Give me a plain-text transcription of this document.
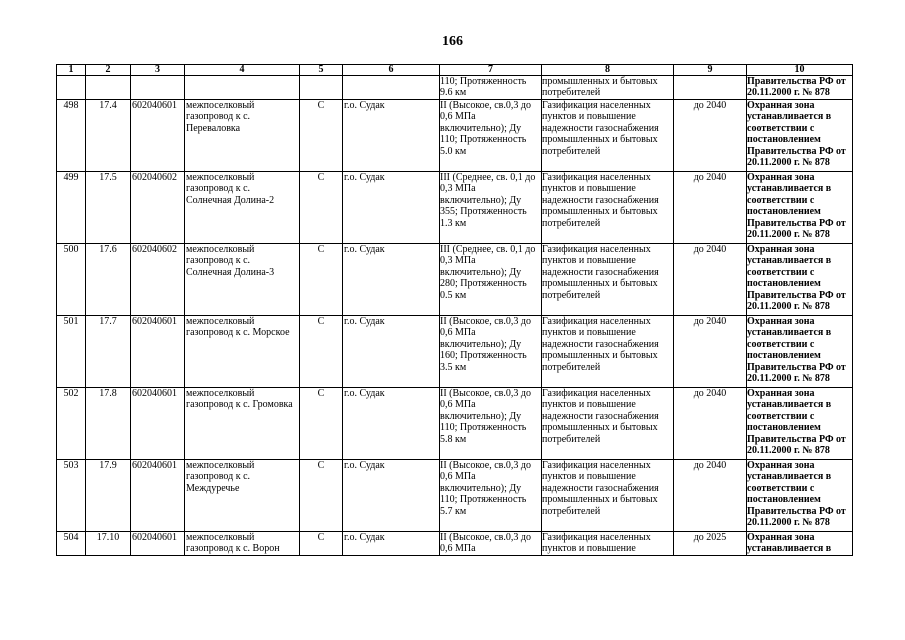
166
1	2	3	4	5	6	7	8	9	10
						110; Протяженность 9.6 км	промышленных и бытовых потребителей		Правительства РФ от 20.11.2000 г. № 878
498	17.4	602040601	межпоселковый газопровод к с. Переваловка	С	г.о. Судак	II (Высокое, св.0,3 до 0,6 МПа включительно); Ду 110; Протяженность 5.0 км	Газификация населенных пунктов и повышение надежности газоснабжения промышленных и бытовых потребителей	до 2040	Охранная зона устанавливается в соответствии с постановлением Правительства РФ от 20.11.2000 г. № 878
499	17.5	602040602	межпоселковый газопровод к с. Солнечная Долина-2	С	г.о. Судак	III (Среднее, св. 0,1 до 0,3 МПа включительно); Ду 355; Протяженность 1.3 км	Газификация населенных пунктов и повышение надежности газоснабжения промышленных и бытовых потребителей	до 2040	Охранная зона устанавливается в соответствии с постановлением Правительства РФ от 20.11.2000 г. № 878
500	17.6	602040602	межпоселковый газопровод к с. Солнечная Долина-3	С	г.о. Судак	III (Среднее, св. 0,1 до 0,3 МПа включительно); Ду 280; Протяженность 0.5 км	Газификация населенных пунктов и повышение надежности газоснабжения промышленных и бытовых потребителей	до 2040	Охранная зона устанавливается в соответствии с постановлением Правительства РФ от 20.11.2000 г. № 878
501	17.7	602040601	межпоселковый газопровод к с. Морское	С	г.о. Судак	II (Высокое, св.0,3 до 0,6 МПа включительно); Ду 160; Протяженность 3.5 км	Газификация населенных пунктов и повышение надежности газоснабжения промышленных и бытовых потребителей	до 2040	Охранная зона устанавливается в соответствии с постановлением Правительства РФ от 20.11.2000 г. № 878
502	17.8	602040601	межпоселковый газопровод к с. Громовка	С	г.о. Судак	II (Высокое, св.0,3 до 0,6 МПа включительно); Ду 110; Протяженность 5.8 км	Газификация населенных пунктов и повышение надежности газоснабжения промышленных и бытовых потребителей	до 2040	Охранная зона устанавливается в соответствии с постановлением Правительства РФ от 20.11.2000 г. № 878
503	17.9	602040601	межпоселковый газопровод к с. Междуречье	С	г.о. Судак	II (Высокое, св.0,3 до 0,6 МПа включительно); Ду 110; Протяженность 5.7 км	Газификация населенных пунктов и повышение надежности газоснабжения промышленных и бытовых потребителей	до 2040	Охранная зона устанавливается в соответствии с постановлением Правительства РФ от 20.11.2000 г. № 878
504	17.10	602040601	межпоселковый газопровод к с. Ворон	С	г.о. Судак	II (Высокое, св.0,3 до 0,6 МПа	Газификация населенных пунктов и повышение	до 2025	Охранная зона устанавливается в
